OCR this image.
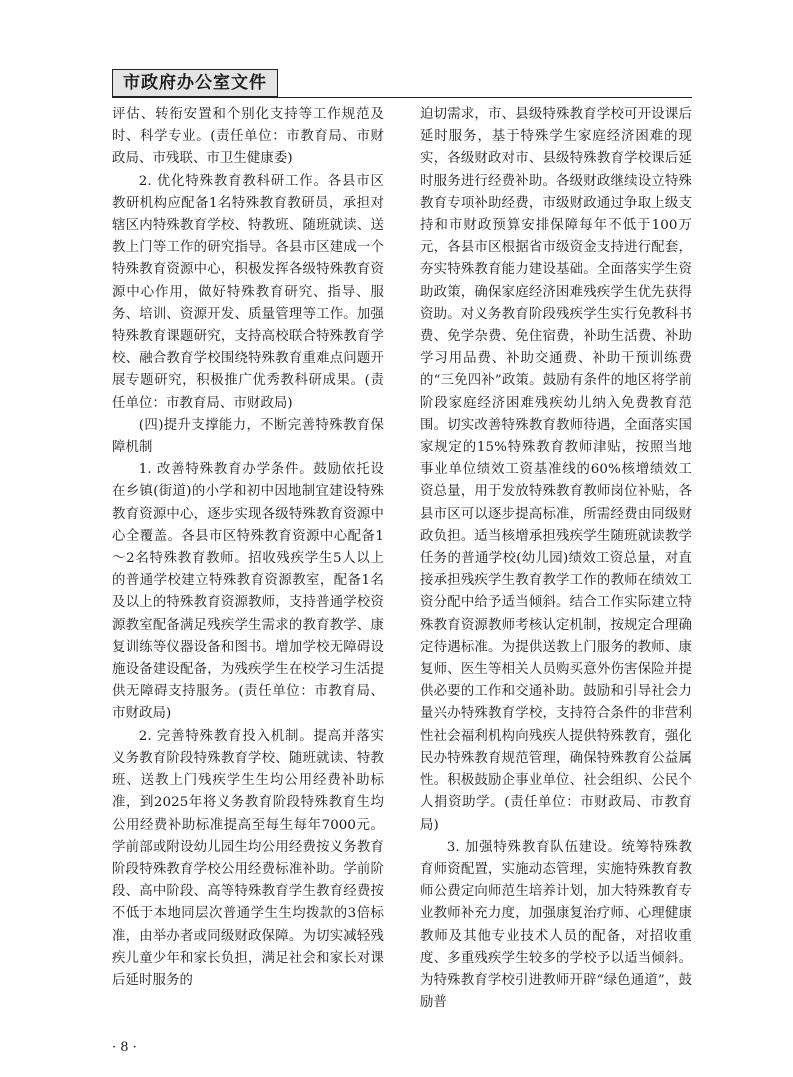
市政府办公室文件

评估、转衔安置和个别化支持等工作规范及时、科学专业。(责任单位：市教育局、市财政局、市残联、市卫生健康委)

2. 优化特殊教育教科研工作。各县市区教研机构应配备1名特殊教育教研员，承担对辖区内特殊教育学校、特教班、随班就读、送教上门等工作的研究指导。各县市区建成一个特殊教育资源中心，积极发挥各级特殊教育资源中心作用，做好特殊教育研究、指导、服务、培训、资源开发、质量管理等工作。加强特殊教育课题研究，支持高校联合特殊教育学校、融合教育学校围绕特殊教育重难点问题开展专题研究，积极推广优秀教科研成果。(责任单位：市教育局、市财政局)

(四)提升支撑能力，不断完善特殊教育保障机制

1. 改善特殊教育办学条件。鼓励依托设在乡镇(街道)的小学和初中因地制宜建设特殊教育资源中心，逐步实现各级特殊教育资源中心全覆盖。各县市区特殊教育资源中心配备1～2名特殊教育教师。招收残疾学生5人以上的普通学校建立特殊教育资源教室，配备1名及以上的特殊教育资源教师，支持普通学校资源教室配备满足残疾学生需求的教育教学、康复训练等仪器设备和图书。增加学校无障碍设施设备建设配备，为残疾学生在校学习生活提供无障碍支持服务。(责任单位：市教育局、市财政局)

2. 完善特殊教育投入机制。提高并落实义务教育阶段特殊教育学校、随班就读、特教班、送教上门残疾学生生均公用经费补助标准，到2025年将义务教育阶段特殊教育生均公用经费补助标准提高至每生每年7000元。学前部或附设幼儿园生均公用经费按义务教育阶段特殊教育学校公用经费标准补助。学前阶段、高中阶段、高等特殊教育学生教育经费按不低于本地同层次普通学生生均拨款的3倍标准，由举办者或同级财政保障。为切实减轻残疾儿童少年和家长负担，满足社会和家长对课后延时服务的

迫切需求，市、县级特殊教育学校可开设课后延时服务，基于特殊学生家庭经济困难的现实，各级财政对市、县级特殊教育学校课后延时服务进行经费补助。各级财政继续设立特殊教育专项补助经费，市级财政通过争取上级支持和市财政预算安排保障每年不低于100万元，各县市区根据省市级资金支持进行配套，夯实特殊教育能力建设基础。全面落实学生资助政策，确保家庭经济困难残疾学生优先获得资助。对义务教育阶段残疾学生实行免教科书费、免学杂费、免住宿费，补助生活费、补助学习用品费、补助交通费、补助干预训练费的“三免四补”政策。鼓励有条件的地区将学前阶段家庭经济困难残疾幼儿纳入免费教育范围。切实改善特殊教育教师待遇，全面落实国家规定的15%特殊教育教师津贴，按照当地事业单位绩效工资基准线的60%核增绩效工资总量，用于发放特殊教育教师岗位补贴，各县市区可以逐步提高标准，所需经费由同级财政负担。适当核增承担残疾学生随班就读教学任务的普通学校(幼儿园)绩效工资总量，对直接承担残疾学生教育教学工作的教师在绩效工资分配中给予适当倾斜。结合工作实际建立特殊教育资源教师考核认定机制，按规定合理确定待遇标准。为提供送教上门服务的教师、康复师、医生等相关人员购买意外伤害保险并提供必要的工作和交通补助。鼓励和引导社会力量兴办特殊教育学校，支持符合条件的非营利性社会福利机构向残疾人提供特殊教育，强化民办特殊教育规范管理，确保特殊教育公益属性。积极鼓励企事业单位、社会组织、公民个人捐资助学。(责任单位：市财政局、市教育局)

3. 加强特殊教育队伍建设。统筹特殊教育师资配置，实施动态管理，实施特殊教育教师公费定向师范生培养计划，加大特殊教育专业教师补充力度，加强康复治疗师、心理健康教师及其他专业技术人员的配备，对招收重度、多重残疾学生较多的学校予以适当倾斜。为特殊教育学校引进教师开辟“绿色通道”，鼓励普

· 8 ·
